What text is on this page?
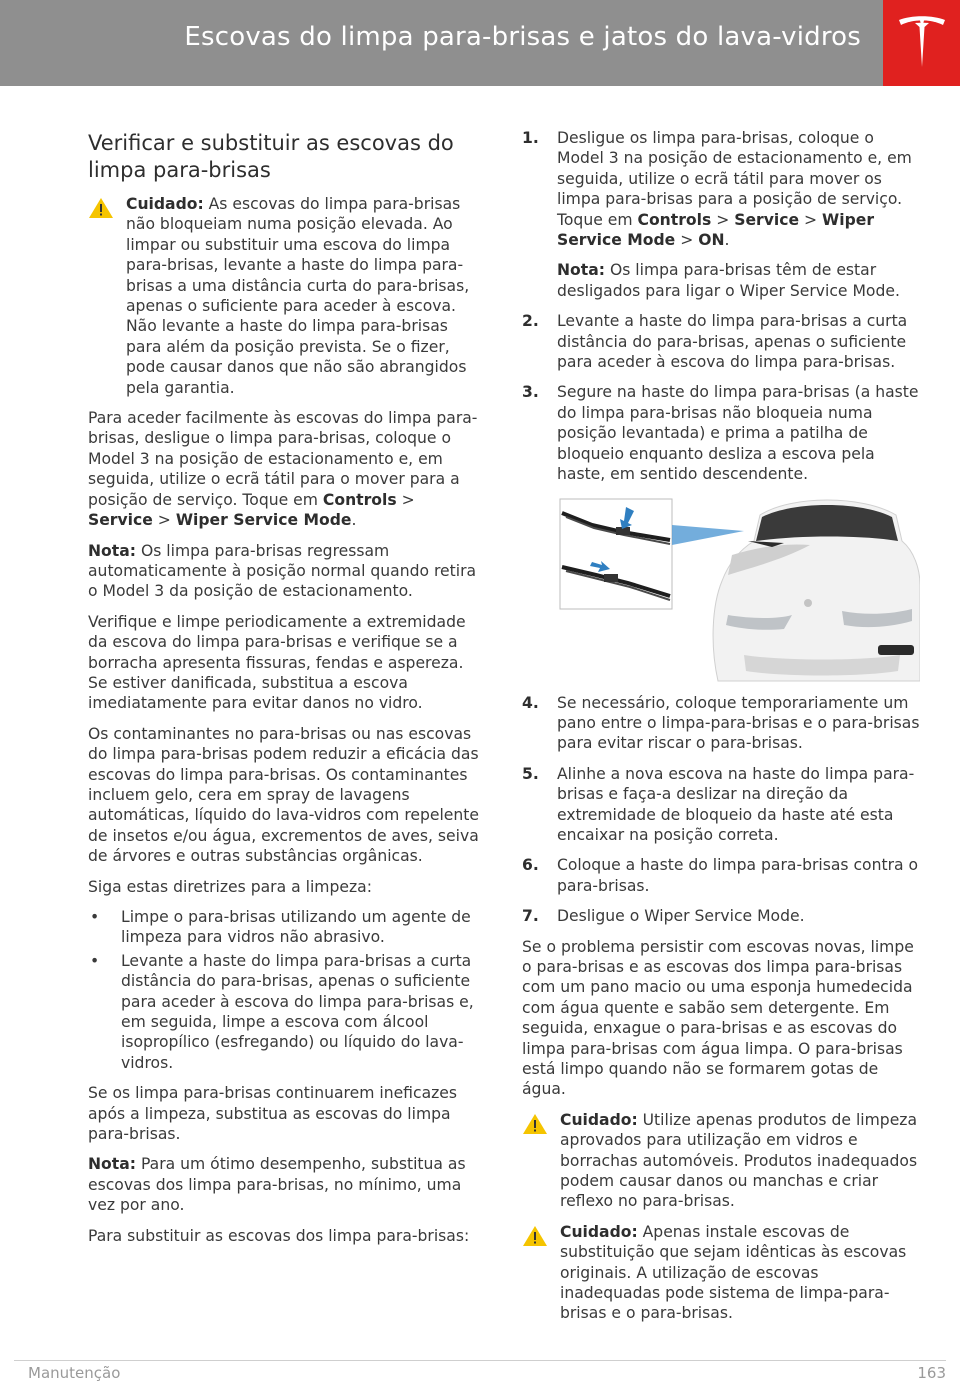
Escovas do limpa para-brisas e jatos do lava-vidros
Verificar e substituir as escovas do limpa para-brisas
Cuidado: As escovas do limpa para-brisas não bloqueiam numa posição elevada. Ao limpar ou substituir uma escova do limpa para-brisas, levante a haste do limpa para-brisas a uma distância curta do para-brisas, apenas o suficiente para aceder à escova. Não levante a haste do limpa para-brisas para além da posição prevista. Se o fizer, pode causar danos que não são abrangidos pela garantia.

Para aceder facilmente às escovas do limpa para-brisas, desligue o limpa para-brisas, coloque o Model 3 na posição de estacionamento e, em seguida, utilize o ecrã tátil para o mover para a posição de serviço. Toque em Controls > Service > Wiper Service Mode.

Nota: Os limpa para-brisas regressam automaticamente à posição normal quando retira o Model 3 da posição de estacionamento.

Verifique e limpe periodicamente a extremidade da escova do limpa para-brisas e verifique se a borracha apresenta fissuras, fendas e aspereza. Se estiver danificada, substitua a escova imediatamente para evitar danos no vidro.

Os contaminantes no para-brisas ou nas escovas do limpa para-brisas podem reduzir a eficácia das escovas do limpa para-brisas. Os contaminantes incluem gelo, cera em spray de lavagens automáticas, líquido do lava-vidros com repelente de insetos e/ou água, excrementos de aves, seiva de árvores e outras substâncias orgânicas.

Siga estas diretrizes para a limpeza:

• Limpe o para-brisas utilizando um agente de limpeza para vidros não abrasivo.
• Levante a haste do limpa para-brisas a curta distância do para-brisas, apenas o suficiente para aceder à escova do limpa para-brisas e, em seguida, limpe a escova com álcool isopropílico (esfregando) ou líquido do lava-vidros.

Se os limpa para-brisas continuarem ineficazes após a limpeza, substitua as escovas do limpa para-brisas.

Nota: Para um ótimo desempenho, substitua as escovas dos limpa para-brisas, no mínimo, uma vez por ano.

Para substituir as escovas dos limpa para-brisas:

1. Desligue os limpa para-brisas, coloque o Model 3 na posição de estacionamento e, em seguida, utilize o ecrã tátil para mover os limpa para-brisas para a posição de serviço. Toque em Controls > Service > Wiper Service Mode > ON.

Nota: Os limpa para-brisas têm de estar desligados para ligar o Wiper Service Mode.

2. Levante a haste do limpa para-brisas a curta distância do para-brisas, apenas o suficiente para aceder à escova do limpa para-brisas.

3. Segure na haste do limpa para-brisas (a haste do limpa para-brisas não bloqueia numa posição levantada) e prima a patilha de bloqueio enquanto desliza a escova pela haste, em sentido descendente.

4. Se necessário, coloque temporariamente um pano entre o limpa-para-brisas e o para-brisas para evitar riscar o para-brisas.

5. Alinhe a nova escova na haste do limpa para-brisas e faça-a deslizar na direção da extremidade de bloqueio da haste até esta encaixar na posição correta.

6. Coloque a haste do limpa para-brisas contra o para-brisas.

7. Desligue o Wiper Service Mode.

Se o problema persistir com escovas novas, limpe o para-brisas e as escovas dos limpa para-brisas com um pano macio ou uma esponja humedecida com água quente e sabão sem detergente. Em seguida, enxague o para-brisas e as escovas do limpa para-brisas com água limpa. O para-brisas está limpo quando não se formarem gotas de água.

Cuidado: Utilize apenas produtos de limpeza aprovados para utilização em vidros e borrachas automóveis. Produtos inadequados podem causar danos ou manchas e criar reflexo no para-brisas.
Cuidado: Apenas instale escovas de substituição que sejam idênticas às escovas originais. A utilização de escovas inadequadas pode sistema de limpa-para-brisas e o para-brisas.
Manutenção	163
